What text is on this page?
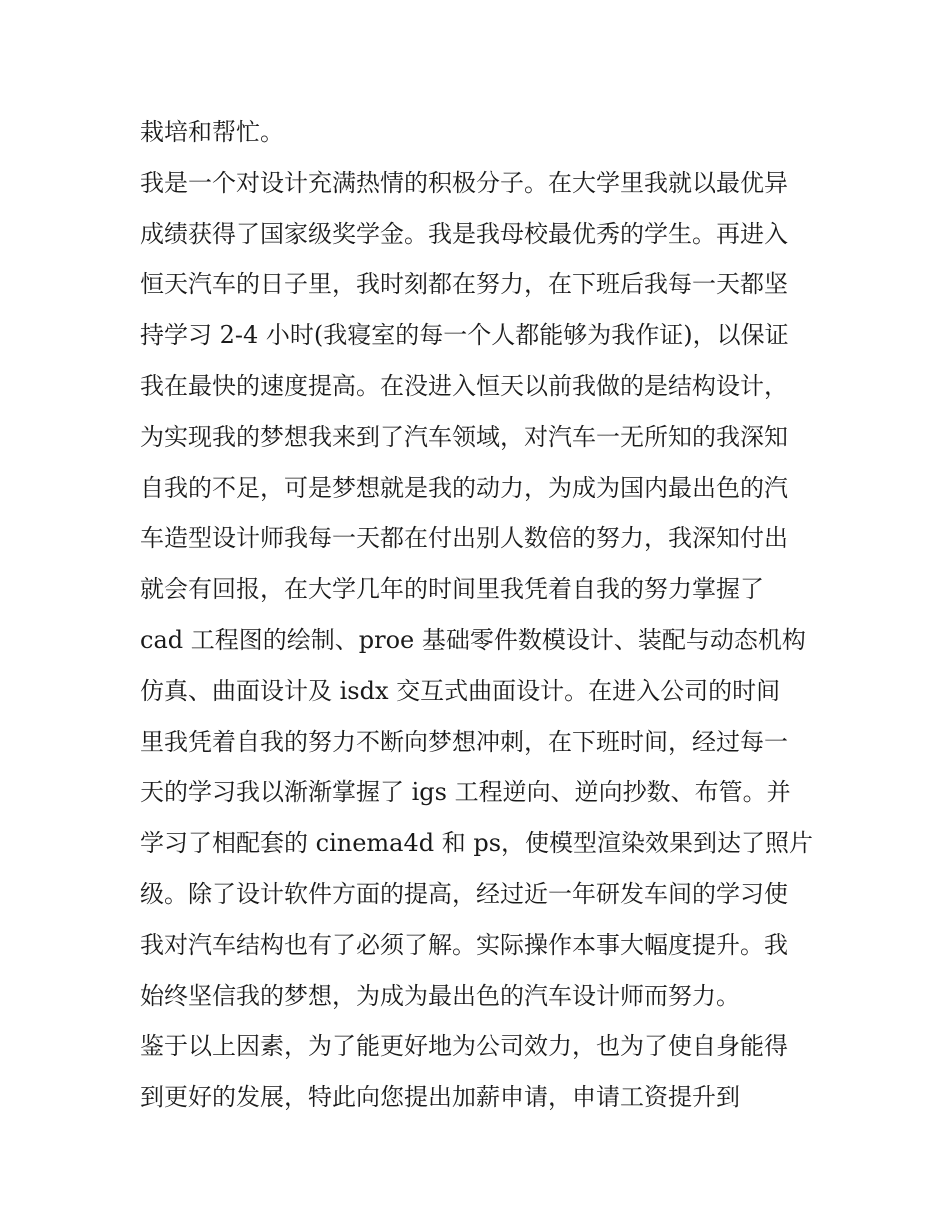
栽培和帮忙。
我是一个对设计充满热情的积极分子。在大学里我就以最优异
成绩获得了国家级奖学金。我是我母校最优秀的学生。再进入
恒天汽车的日子里，我时刻都在努力，在下班后我每一天都坚
持学习 2-4 小时(我寝室的每一个人都能够为我作证)，以保证
我在最快的速度提高。在没进入恒天以前我做的是结构设计，
为实现我的梦想我来到了汽车领域，对汽车一无所知的我深知
自我的不足，可是梦想就是我的动力，为成为国内最出色的汽
车造型设计师我每一天都在付出别人数倍的努力，我深知付出
就会有回报，在大学几年的时间里我凭着自我的努力掌握了
cad 工程图的绘制、proe 基础零件数模设计、装配与动态机构
仿真、曲面设计及 isdx 交互式曲面设计。在进入公司的时间
里我凭着自我的努力不断向梦想冲刺，在下班时间，经过每一
天的学习我以渐渐掌握了 igs 工程逆向、逆向抄数、布管。并
学习了相配套的 cinema4d 和 ps，使模型渲染效果到达了照片
级。除了设计软件方面的提高，经过近一年研发车间的学习使
我对汽车结构也有了必须了解。实际操作本事大幅度提升。我
始终坚信我的梦想，为成为最出色的汽车设计师而努力。
鉴于以上因素，为了能更好地为公司效力，也为了使自身能得
到更好的发展，特此向您提出加薪申请，申请工资提升到
